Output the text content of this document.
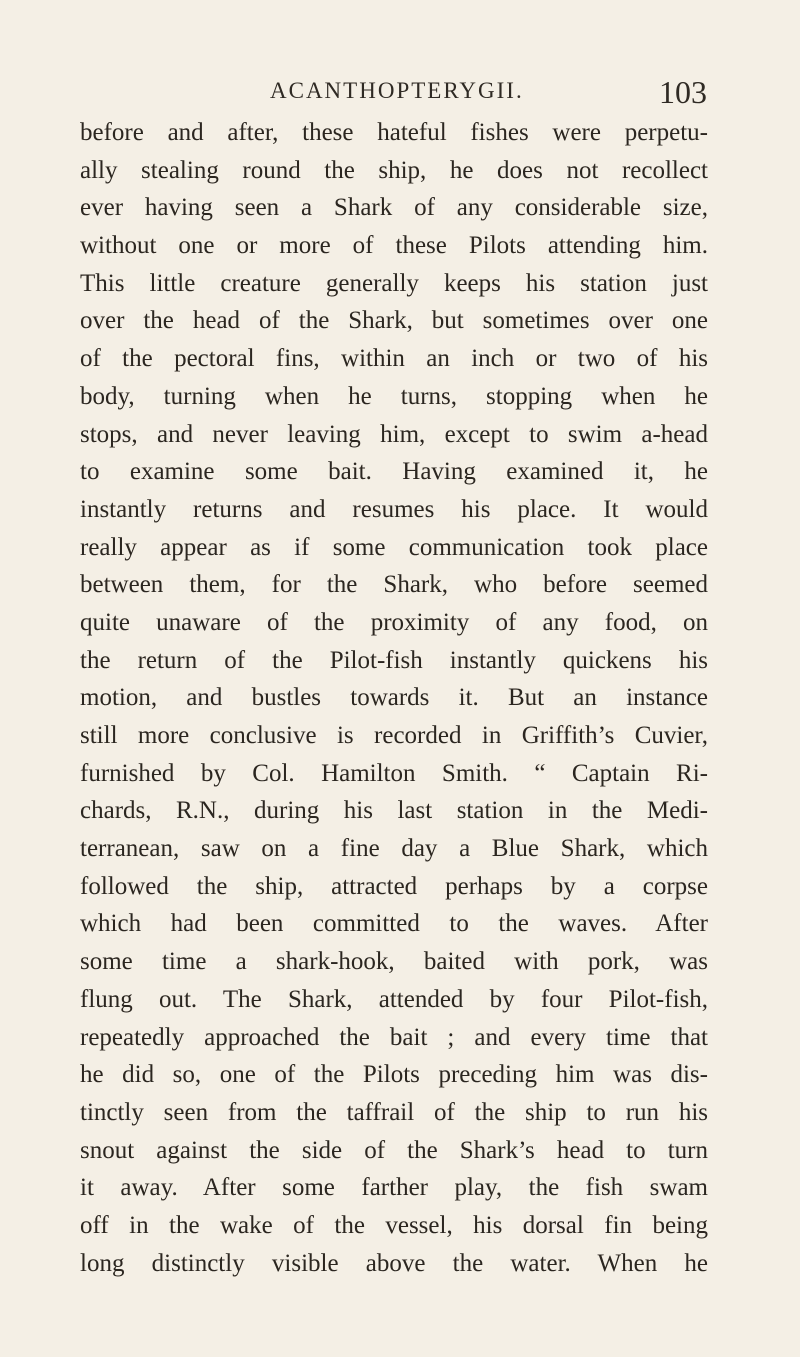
ACANTHOPTERYGII.	103
before and after, these hateful fishes were perpetu-
ally stealing round the ship, he does not recollect
ever having seen a Shark of any considerable size,
without one or more of these Pilots attending him.
This little creature generally keeps his station just
over the head of the Shark, but sometimes over one
of the pectoral fins, within an inch or two of his
body, turning when he turns, stopping when he
stops, and never leaving him, except to swim a-head
to examine some bait. Having examined it, he
instantly returns and resumes his place. It would
really appear as if some communication took place
between them, for the Shark, who before seemed
quite unaware of the proximity of any food, on
the return of the Pilot-fish instantly quickens his
motion, and bustles towards it. But an instance
still more conclusive is recorded in Griffith’s Cuvier,
furnished by Col. Hamilton Smith. “ Captain Ri-
chards, R.N., during his last station in the Medi-
terranean, saw on a fine day a Blue Shark, which
followed the ship, attracted perhaps by a corpse
which had been committed to the waves. After
some time a shark-hook, baited with pork, was
flung out. The Shark, attended by four Pilot-fish,
repeatedly approached the bait ; and every time that
he did so, one of the Pilots preceding him was dis-
tinctly seen from the taffrail of the ship to run his
snout against the side of the Shark’s head to turn
it away. After some farther play, the fish swam
off in the wake of the vessel, his dorsal fin being
long distinctly visible above the water. When he
